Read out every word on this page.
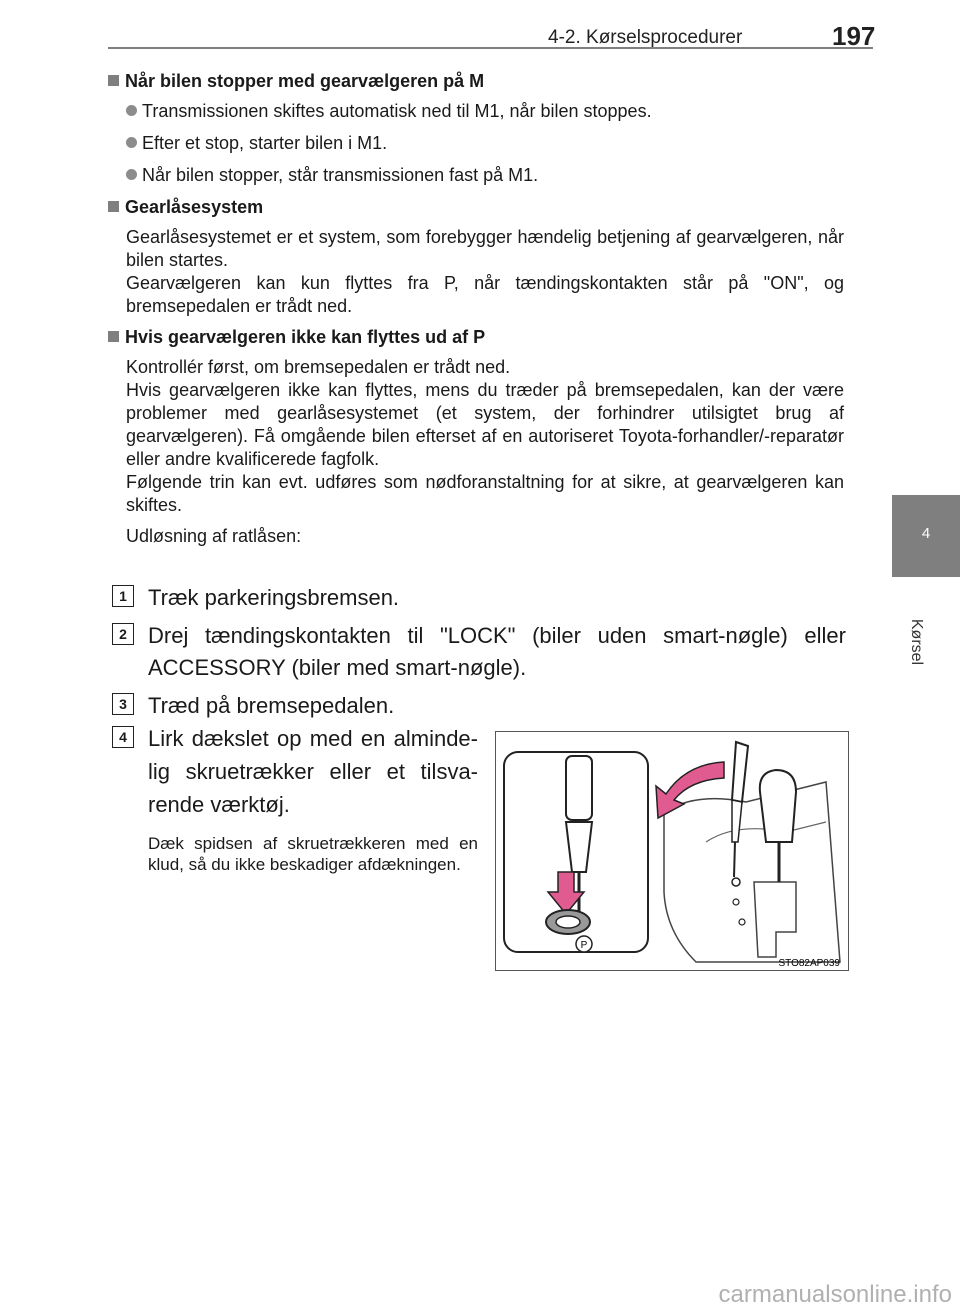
4-2. Kørselsprocedurer	197
4
Kørsel
Når bilen stopper med gearvælgeren på M
Transmissionen skiftes automatisk ned til M1, når bilen stoppes.
Efter et stop, starter bilen i M1.
Når bilen stopper, står transmissionen fast på M1.
Gearlåsesystem
Gearlåsesystemet er et system, som forebygger hændelig betjening af gearvælgeren, når bilen startes.
Gearvælgeren kan kun flyttes fra P, når tændingskontakten står på "ON", og bremsepedalen er trådt ned.
Hvis gearvælgeren ikke kan flyttes ud af P
Kontrollér først, om bremsepedalen er trådt ned.
Hvis gearvælgeren ikke kan flyttes, mens du træder på bremsepedalen, kan der være problemer med gearlåsesystemet (et system, der forhindrer utilsigtet brug af gearvælgeren). Få omgående bilen efterset af en autoriseret Toyota-forhandler/-reparatør eller andre kvalificerede fagfolk.
Følgende trin kan evt. udføres som nødforanstaltning for at sikre, at gearvælgeren kan skiftes.
Udløsning af ratlåsen:
1 Træk parkeringsbremsen.
2 Drej tændingskontakten til "LOCK" (biler uden smart-nøgle) eller ACCESSORY (biler med smart-nøgle).
3 Træd på bremsepedalen.
4 Lirk dækslet op med en alminde-lig skruetrækker eller et tilsva-rende værktøj.
Dæk spidsen af skruetrækkeren med en klud, så du ikke beskadiger afdækningen.
P
STO82AP039
carmanualsonline.info
